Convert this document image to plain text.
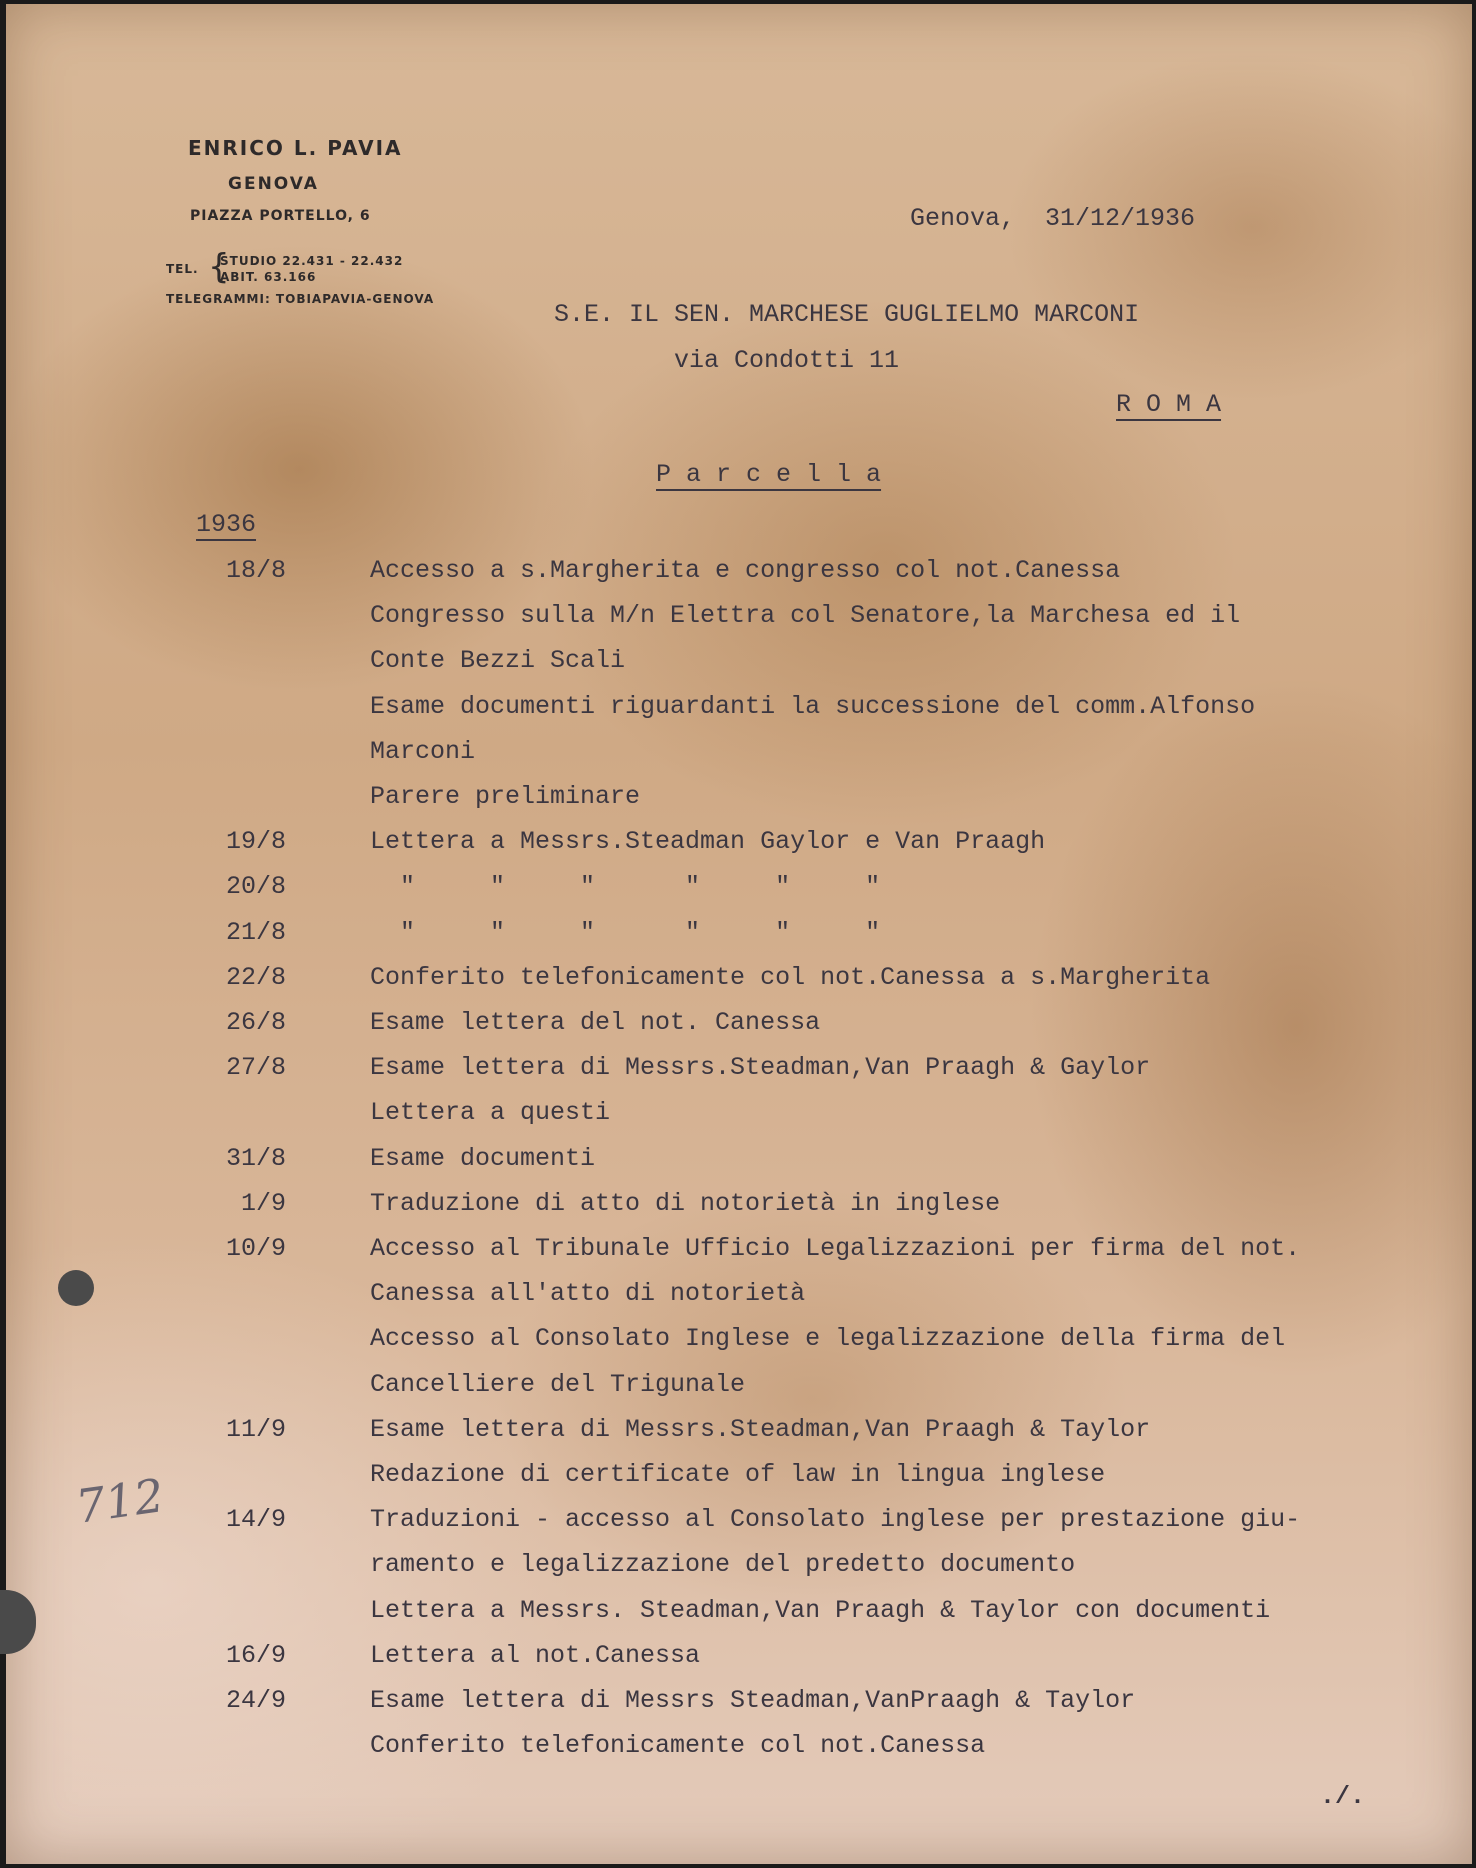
ENRICO L. PAVIA
GENOVA
PIAZZA PORTELLO, 6
TEL. {
STUDIO 22.431 - 22.432
ABIT. 63.166
TELEGRAMMI: TOBIAPAVIA-GENOVA
Genova,  31/12/1936
S.E. IL SEN. MARCHESE GUGLIELMO MARCONI
via Condotti 11
R O M A
P a r c e l l a
1936
18/8	Accesso a s.Margherita e congresso col not.Canessa
Congresso sulla M/n Elettra col Senatore,la Marchesa ed il
Conte Bezzi Scali
Esame documenti riguardanti la successione del comm.Alfonso
Marconi
Parere preliminare
19/8	Lettera a Messrs.Steadman Gaylor e Van Praagh
20/8	"     "     "      "     "     "
21/8	"     "     "      "     "     "
22/8	Conferito telefonicamente col not.Canessa a s.Margherita
26/8	Esame lettera del not. Canessa
27/8	Esame lettera di Messrs.Steadman,Van Praagh & Gaylor
Lettera a questi
31/8	Esame documenti
1/9	Traduzione di atto di notorietà in inglese
10/9	Accesso al Tribunale Ufficio Legalizzazioni per firma del not.
Canessa all'atto di notorietà
Accesso al Consolato Inglese e legalizzazione della firma del
Cancelliere del Trigunale
11/9	Esame lettera di Messrs.Steadman,Van Praagh & Taylor
Redazione di certificate of law in lingua inglese
14/9	Traduzioni - accesso al Consolato inglese per prestazione giu-
ramento e legalizzazione del predetto documento
Lettera a Messrs. Steadman,Van Praagh & Taylor con documenti
16/9	Lettera al not.Canessa
24/9	Esame lettera di Messrs Steadman,VanPraagh & Taylor
Conferito telefonicamente col not.Canessa
./.
712
